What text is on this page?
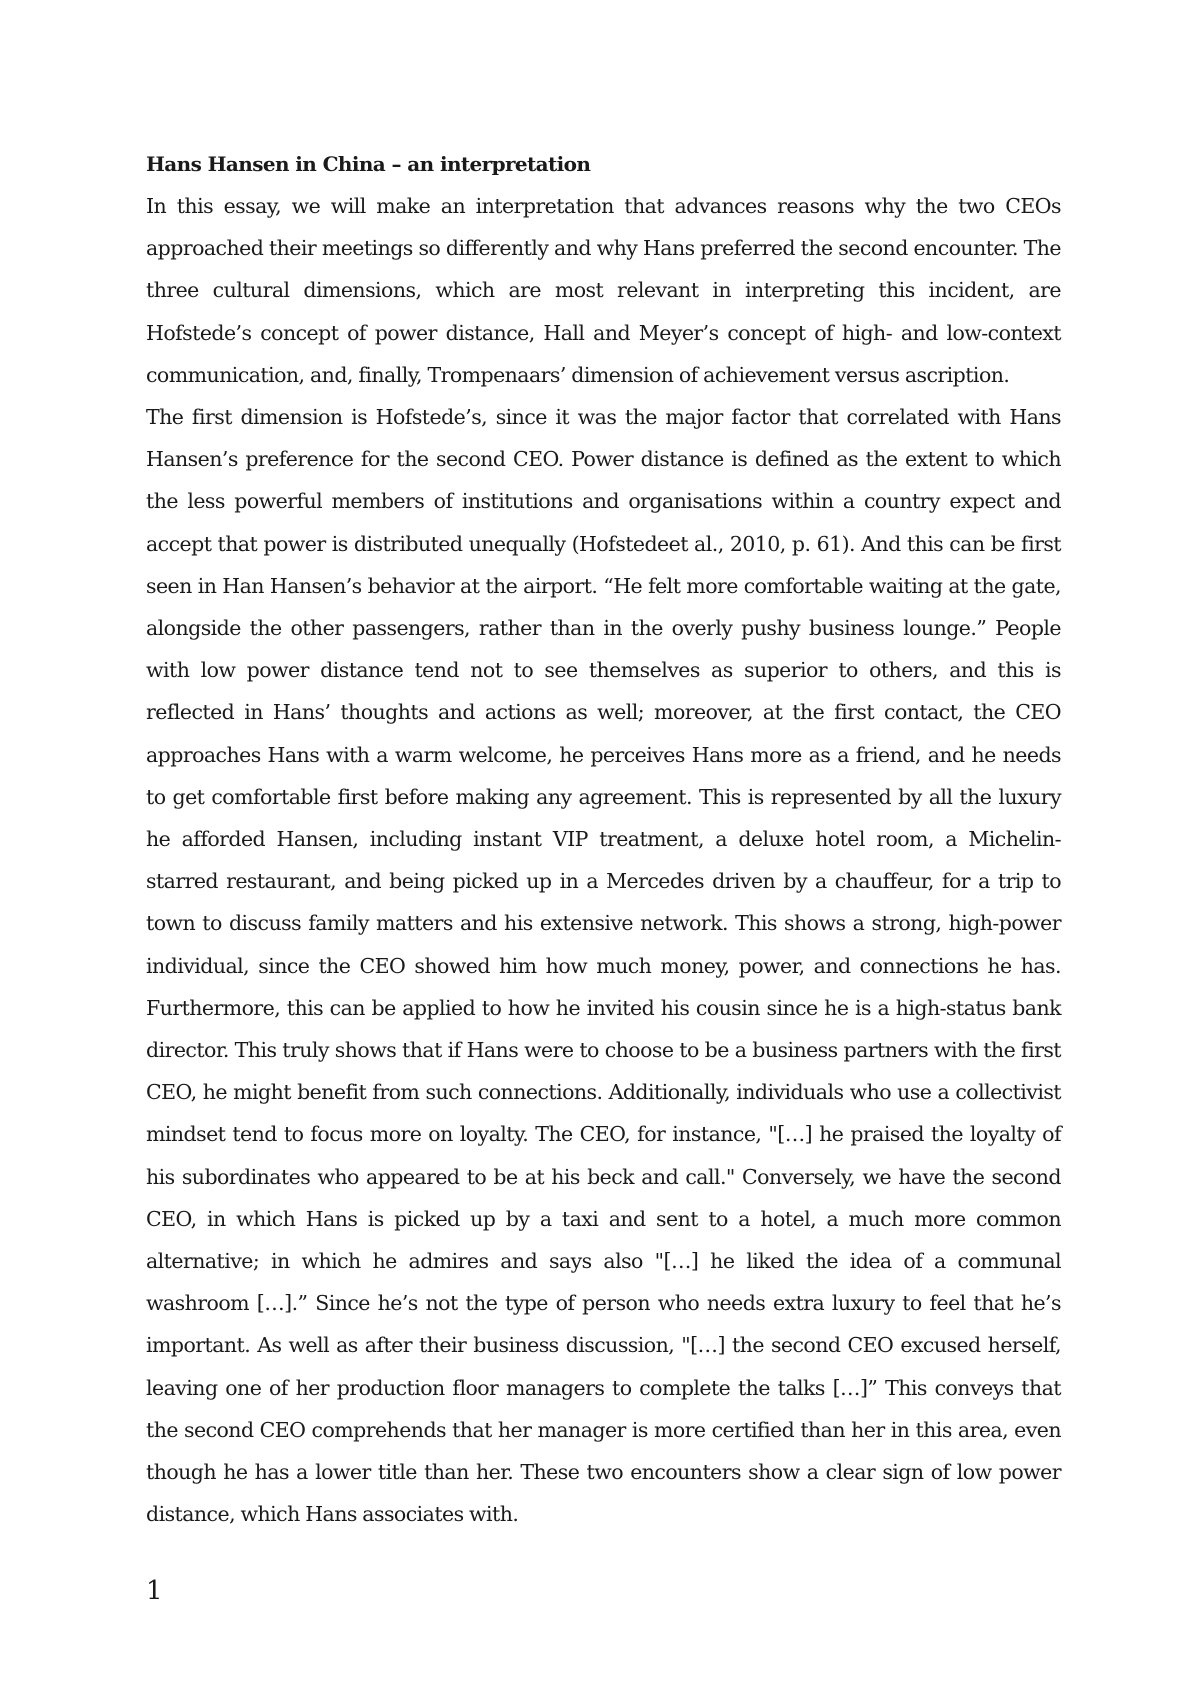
Hans Hansen in China – an interpretation

In this essay, we will make an interpretation that advances reasons why the two CEOs approached their meetings so differently and why Hans preferred the second encounter. The three cultural dimensions, which are most relevant in interpreting this incident, are Hofstede’s concept of power distance, Hall and Meyer’s concept of high- and low-context communication, and, finally, Trompenaars’ dimension of achievement versus ascription.

The first dimension is Hofstede’s, since it was the major factor that correlated with Hans Hansen’s preference for the second CEO. Power distance is defined as the extent to which the less powerful members of institutions and organisations within a country expect and accept that power is distributed unequally (Hofstedeet al., 2010, p. 61). And this can be first seen in Han Hansen’s behavior at the airport. “He felt more comfortable waiting at the gate, alongside the other passengers, rather than in the overly pushy business lounge.” People with low power distance tend not to see themselves as superior to others, and this is reflected in Hans’ thoughts and actions as well; moreover, at the first contact, the CEO approaches Hans with a warm welcome, he perceives Hans more as a friend, and he needs to get comfortable first before making any agreement. This is represented by all the luxury he afforded Hansen, including instant VIP treatment, a deluxe hotel room, a Michelin-starred restaurant, and being picked up in a Mercedes driven by a chauffeur, for a trip to town to discuss family matters and his extensive network. This shows a strong, high-power individual, since the CEO showed him how much money, power, and connections he has. Furthermore, this can be applied to how he invited his cousin since he is a high-status bank director. This truly shows that if Hans were to choose to be a business partners with the first CEO, he might benefit from such connections. Additionally, individuals who use a collectivist mindset tend to focus more on loyalty. The CEO, for instance, "[…] he praised the loyalty of his subordinates who appeared to be at his beck and call." Conversely, we have the second CEO, in which Hans is picked up by a taxi and sent to a hotel, a much more common alternative; in which he admires and says also "[…] he liked the idea of a communal washroom […].” Since he’s not the type of person who needs extra luxury to feel that he’s important. As well as after their business discussion, "[…] the second CEO excused herself, leaving one of her production floor managers to complete the talks […]” This conveys that the second CEO comprehends that her manager is more certified than her in this area, even though he has a lower title than her. These two encounters show a clear sign of low power distance, which Hans associates with.

1
